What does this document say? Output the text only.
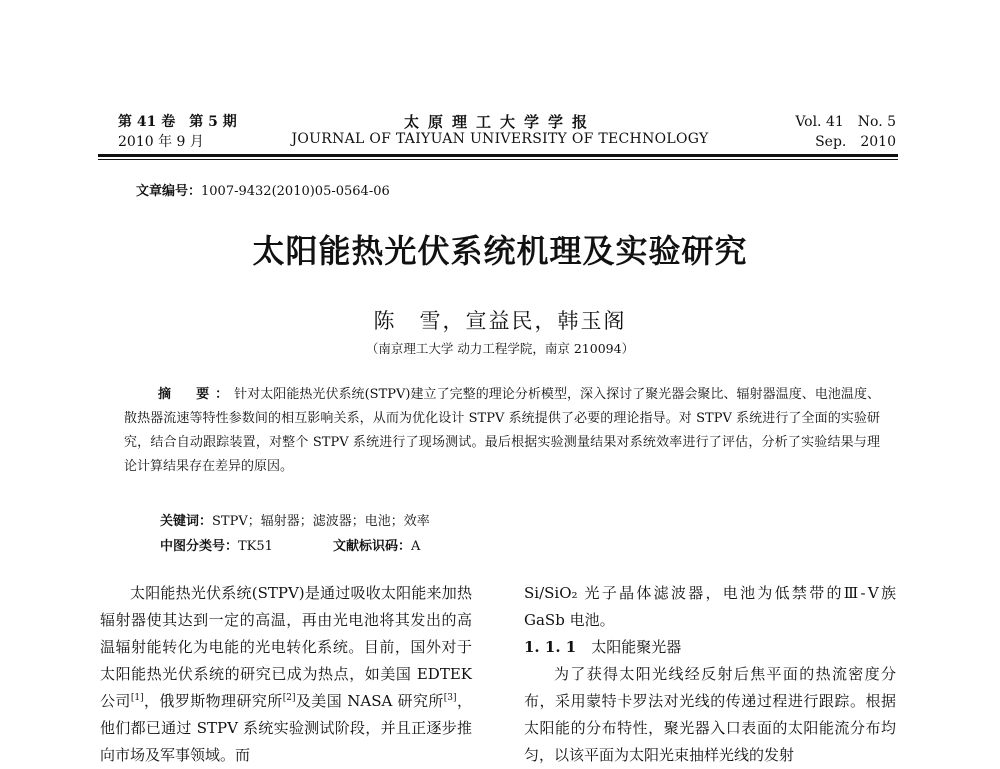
第 41 卷　第 5 期
2010 年 9 月
太原理工大学学报
JOURNAL OF TAIYUAN UNIVERSITY OF TECHNOLOGY
Vol. 41　No. 5
Sep.　2010
文章编号：1007-9432(2010)05-0564-06
太阳能热光伏系统机理及实验研究
陈　雪，宣益民，韩玉阁
（南京理工大学 动力工程学院，南京 210094）
摘　要：针对太阳能热光伏系统(STPV)建立了完整的理论分析模型，深入探讨了聚光器会聚比、辐射器温度、电池温度、散热器流速等特性参数间的相互影响关系，从而为优化设计 STPV 系统提供了必要的理论指导。对 STPV 系统进行了全面的实验研究，结合自动跟踪装置，对整个 STPV 系统进行了现场测试。最后根据实验测量结果对系统效率进行了评估，分析了实验结果与理论计算结果存在差异的原因。
关键词：STPV；辐射器；滤波器；电池；效率
中图分类号：TK51	文献标识码：A
太阳能热光伏系统(STPV)是通过吸收太阳能来加热辐射器使其达到一定的高温，再由光电池将其发出的高温辐射能转化为电能的光电转化系统。目前，国外对于太阳能热光伏系统的研究已成为热点，如美国 EDTEK 公司[1]，俄罗斯物理研究所[2]及美国 NASA 研究所[3]，他们都已通过 STPV 系统实验测试阶段，并且正逐步推向市场及军事领域。而
Si/SiO₂ 光子晶体滤波器，电池为低禁带的Ⅲ-Ⅴ族 GaSb 电池。
1. 1. 1　 太阳能聚光器
为了获得太阳光线经反射后焦平面的热流密度分布，采用蒙特卡罗法对光线的传递过程进行跟踪。根据太阳能的分布特性，聚光器入口表面的太阳能流分布均匀，以该平面为太阳光束抽样光线的发射
